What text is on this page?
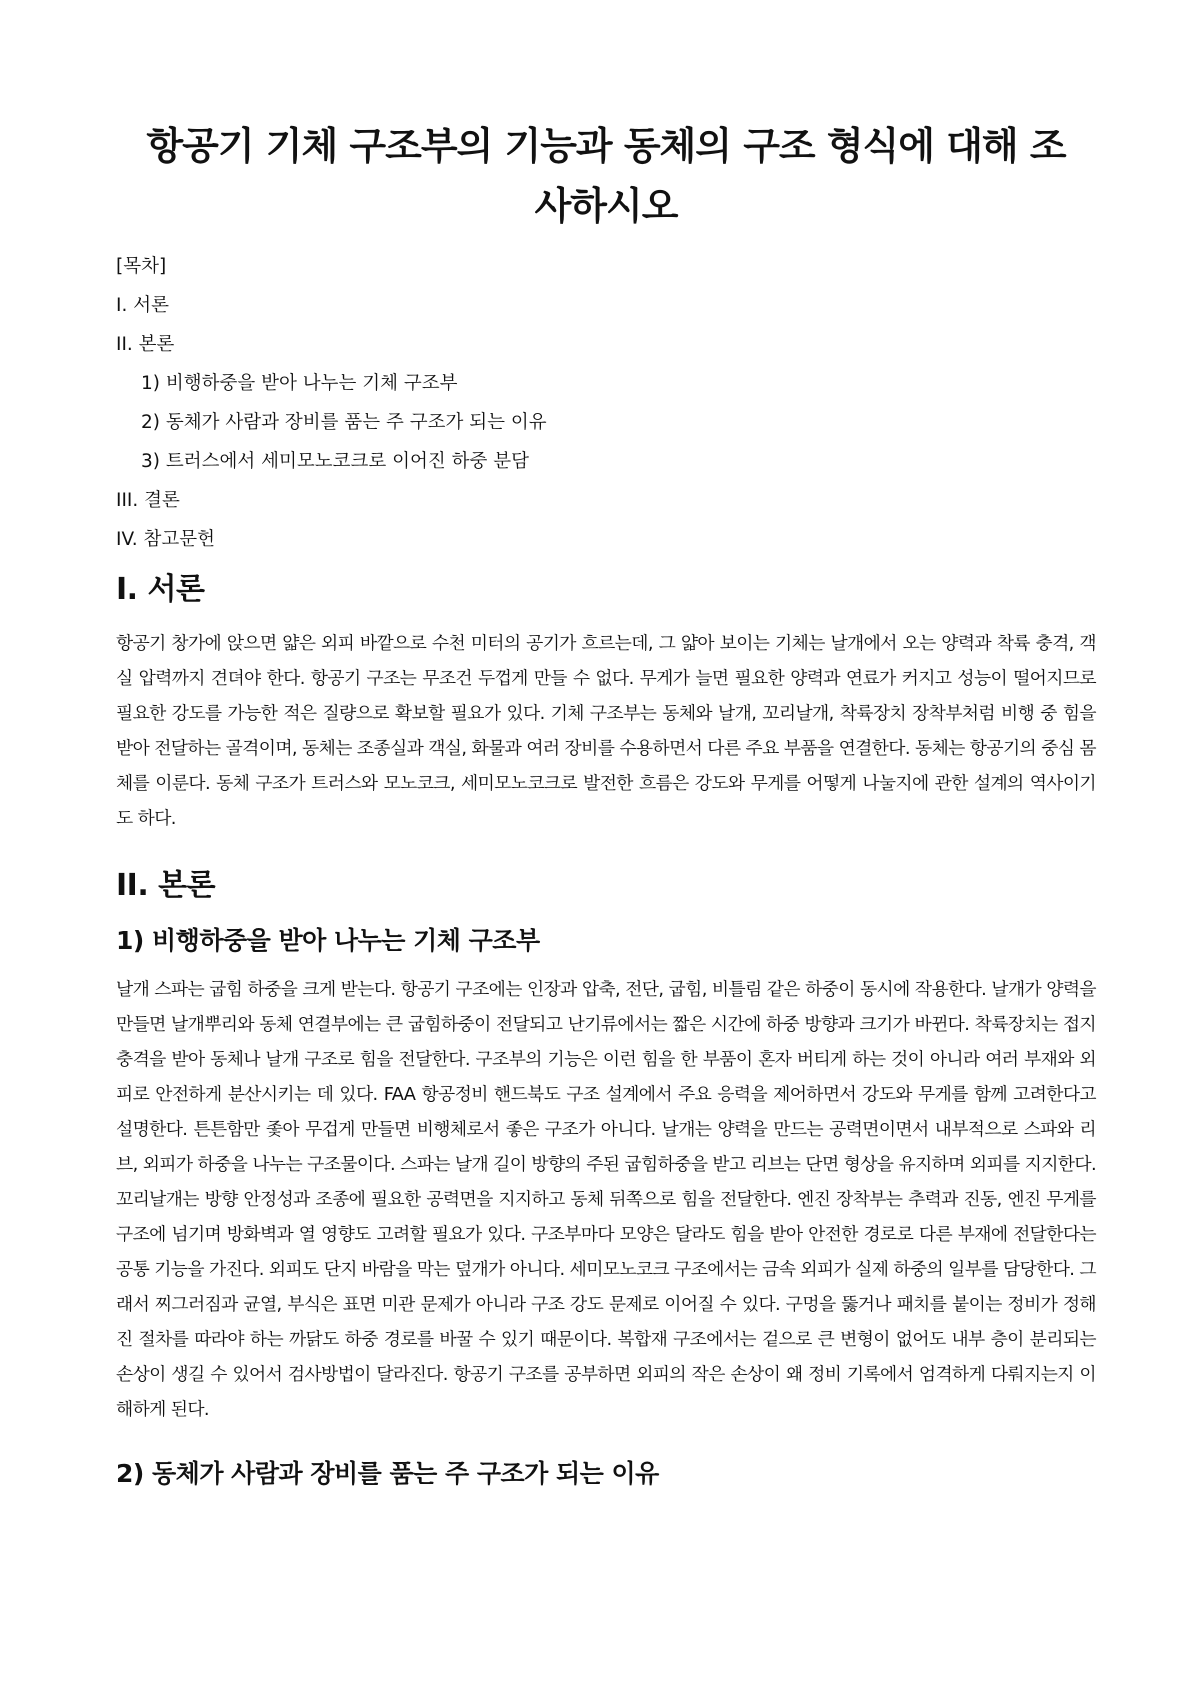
항공기 기체 구조부의 기능과 동체의 구조 형식에 대해 조사하시오
[목차]
I. 서론
II. 본론
1) 비행하중을 받아 나누는 기체 구조부
2) 동체가 사람과 장비를 품는 주 구조가 되는 이유
3) 트러스에서 세미모노코크로 이어진 하중 분담
III. 결론
IV. 참고문헌
I. 서론

항공기 창가에 앉으면 얇은 외피 바깥으로 수천 미터의 공기가 흐르는데, 그 얇아 보이는 기체는 날개에서 오는 양력과 착륙 충격, 객실 압력까지 견뎌야 한다. 항공기 구조는 무조건 두껍게 만들 수 없다. 무게가 늘면 필요한 양력과 연료가 커지고 성능이 떨어지므로 필요한 강도를 가능한 적은 질량으로 확보할 필요가 있다. 기체 구조부는 동체와 날개, 꼬리날개, 착륙장치 장착부처럼 비행 중 힘을 받아 전달하는 골격이며, 동체는 조종실과 객실, 화물과 여러 장비를 수용하면서 다른 주요 부품을 연결한다. 동체는 항공기의 중심 몸체를 이룬다. 동체 구조가 트러스와 모노코크, 세미모노코크로 발전한 흐름은 강도와 무게를 어떻게 나눌지에 관한 설계의 역사이기도 하다.

II. 본론
1) 비행하중을 받아 나누는 기체 구조부

날개 스파는 굽힘 하중을 크게 받는다. 항공기 구조에는 인장과 압축, 전단, 굽힘, 비틀림 같은 하중이 동시에 작용한다. 날개가 양력을 만들면 날개뿌리와 동체 연결부에는 큰 굽힘하중이 전달되고 난기류에서는 짧은 시간에 하중 방향과 크기가 바뀐다. 착륙장치는 접지 충격을 받아 동체나 날개 구조로 힘을 전달한다. 구조부의 기능은 이런 힘을 한 부품이 혼자 버티게 하는 것이 아니라 여러 부재와 외피로 안전하게 분산시키는 데 있다. FAA 항공정비 핸드북도 구조 설계에서 주요 응력을 제어하면서 강도와 무게를 함께 고려한다고 설명한다. 튼튼함만 좇아 무겁게 만들면 비행체로서 좋은 구조가 아니다. 날개는 양력을 만드는 공력면이면서 내부적으로 스파와 리브, 외피가 하중을 나누는 구조물이다. 스파는 날개 길이 방향의 주된 굽힘하중을 받고 리브는 단면 형상을 유지하며 외피를 지지한다. 꼬리날개는 방향 안정성과 조종에 필요한 공력면을 지지하고 동체 뒤쪽으로 힘을 전달한다. 엔진 장착부는 추력과 진동, 엔진 무게를 구조에 넘기며 방화벽과 열 영향도 고려할 필요가 있다. 구조부마다 모양은 달라도 힘을 받아 안전한 경로로 다른 부재에 전달한다는 공통 기능을 가진다. 외피도 단지 바람을 막는 덮개가 아니다. 세미모노코크 구조에서는 금속 외피가 실제 하중의 일부를 담당한다. 그래서 찌그러짐과 균열, 부식은 표면 미관 문제가 아니라 구조 강도 문제로 이어질 수 있다. 구멍을 뚫거나 패치를 붙이는 정비가 정해진 절차를 따라야 하는 까닭도 하중 경로를 바꿀 수 있기 때문이다. 복합재 구조에서는 겉으로 큰 변형이 없어도 내부 층이 분리되는 손상이 생길 수 있어서 검사방법이 달라진다. 항공기 구조를 공부하면 외피의 작은 손상이 왜 정비 기록에서 엄격하게 다뤄지는지 이해하게 된다.

2) 동체가 사람과 장비를 품는 주 구조가 되는 이유
